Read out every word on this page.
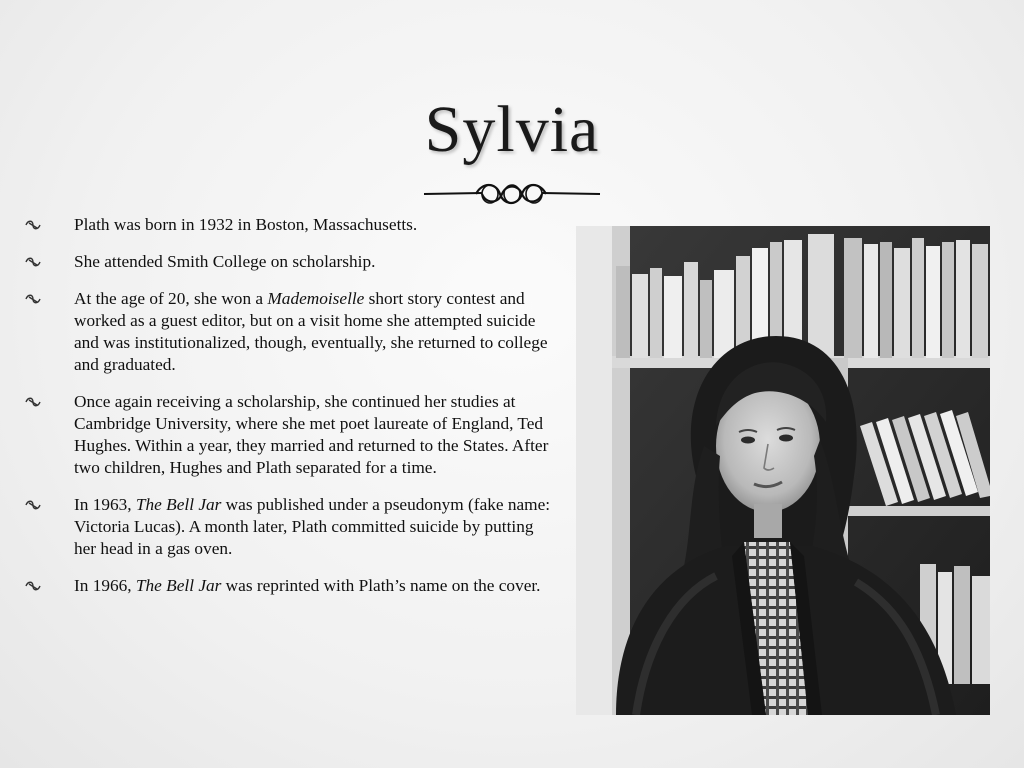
Sylvia
Plath was born in 1932 in Boston, Massachusetts.
She attended Smith College on scholarship.
At the age of 20, she won a Mademoiselle short story contest and worked as a guest editor, but on a visit home she attempted suicide and was institutionalized, though, eventually, she returned to college and graduated.
Once again receiving a scholarship, she continued her studies at Cambridge University, where she met poet laureate of England, Ted Hughes. Within a year, they married and returned to the States. After two children, Hughes and Plath separated for a time.
In 1963, The Bell Jar was published under a pseudonym (fake name: Victoria Lucas). A month later, Plath committed suicide by putting her head in a gas oven.
In 1966, The Bell Jar was reprinted with Plath’s name on the cover.
